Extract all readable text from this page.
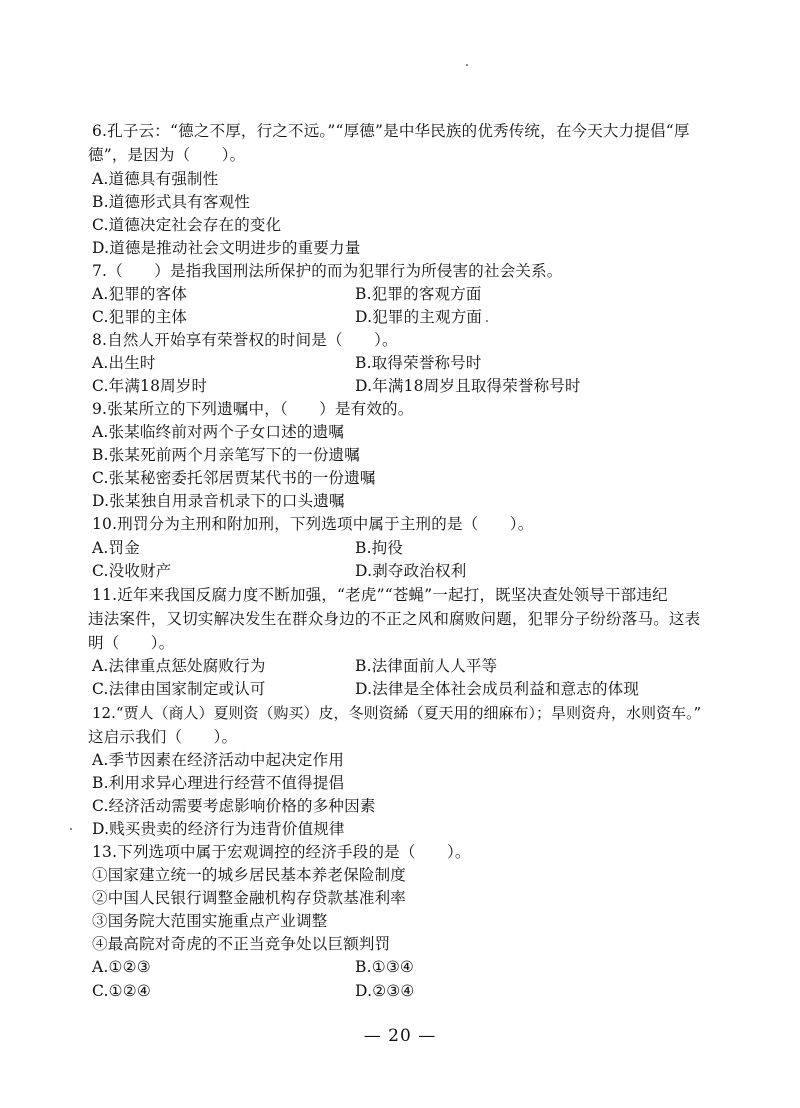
6.孔子云：“德之不厚，行之不远。”“厚德”是中华民族的优秀传统，在今天大力提倡“厚
德”，是因为（　　）。
A.道德具有强制性
B.道德形式具有客观性
C.道德决定社会存在的变化
D.道德是推动社会文明进步的重要力量
7.（　　）是指我国刑法所保护的而为犯罪行为所侵害的社会关系。
A.犯罪的客体	B.犯罪的客观方面
C.犯罪的主体	D.犯罪的主观方面
8.自然人开始享有荣誉权的时间是（　　）。
A.出生时	B.取得荣誉称号时
C.年满18周岁时	D.年满18周岁且取得荣誉称号时
9.张某所立的下列遗嘱中，（　　）是有效的。
A.张某临终前对两个子女口述的遗嘱
B.张某死前两个月亲笔写下的一份遗嘱
C.张某秘密委托邻居贾某代书的一份遗嘱
D.张某独自用录音机录下的口头遗嘱
10.刑罚分为主刑和附加刑，下列选项中属于主刑的是（　　）。
A.罚金	B.拘役
C.没收财产	D.剥夺政治权利
11.近年来我国反腐力度不断加强，“老虎”“苍蝇”一起打，既坚决查处领导干部违纪
违法案件，又切实解决发生在群众身边的不正之风和腐败问题，犯罪分子纷纷落马。这表
明（　　）。
A.法律重点惩处腐败行为	B.法律面前人人平等
C.法律由国家制定或认可	D.法律是全体社会成员利益和意志的体现
12.“贾人（商人）夏则资（购买）皮，冬则资絺（夏天用的细麻布）；旱则资舟，水则资车。”
这启示我们（　　）。
A.季节因素在经济活动中起决定作用
B.利用求异心理进行经营不值得提倡
C.经济活动需要考虑影响价格的多种因素
D.贱买贵卖的经济行为违背价值规律
13.下列选项中属于宏观调控的经济手段的是（　　）。
①国家建立统一的城乡居民基本养老保险制度
②中国人民银行调整金融机构存贷款基准利率
③国务院大范围实施重点产业调整
④最高院对奇虎的不正当竞争处以巨额判罚
A.①②③	B.①③④
C.①②④	D.②③④
— 20 —
